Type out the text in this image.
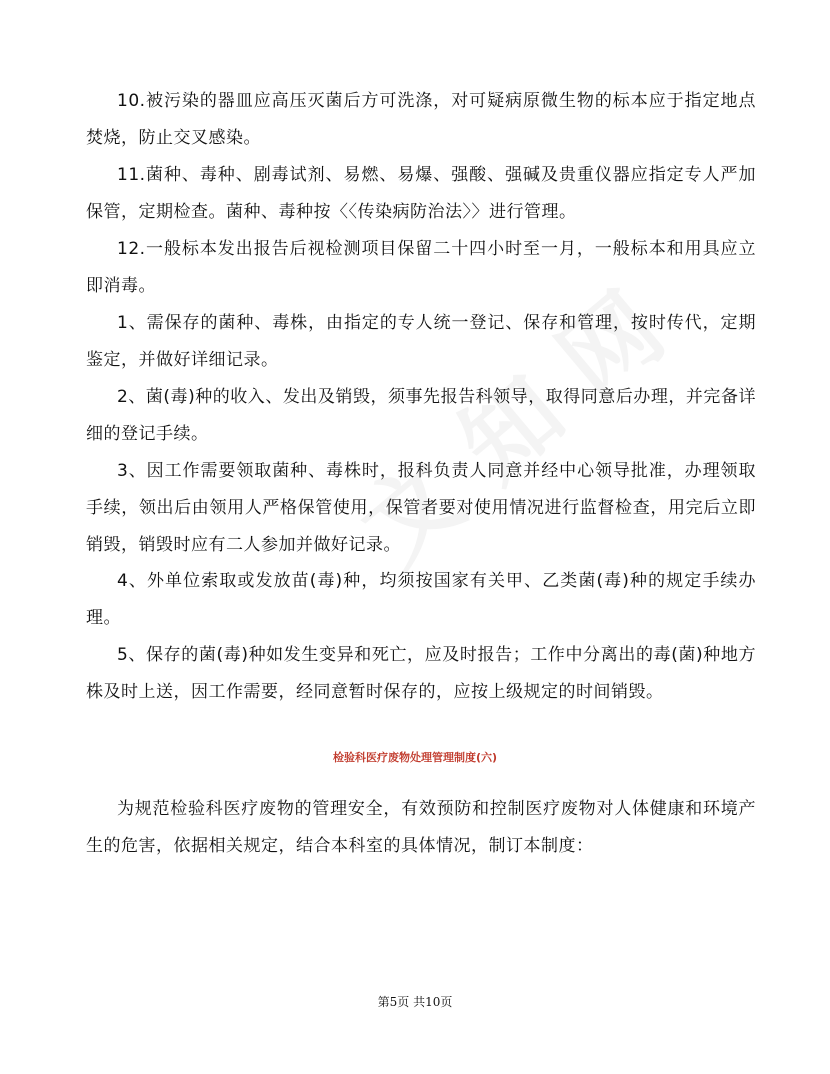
10.被污染的器皿应高压灭菌后方可洗涤，对可疑病原微生物的标本应于指定地点焚烧，防止交叉感染。

11.菌种、毒种、剧毒试剂、易燃、易爆、强酸、强碱及贵重仪器应指定专人严加保管，定期检查。菌种、毒种按〈〈传染病防治法〉〉进行管理。

12.一般标本发出报告后视检测项目保留二十四小时至一月，一般标本和用具应立即消毒。

1、需保存的菌种、毒株，由指定的专人统一登记、保存和管理，按时传代，定期鉴定，并做好详细记录。

2、菌(毒)种的收入、发出及销毁，须事先报告科领导，取得同意后办理，并完备详细的登记手续。

3、因工作需要领取菌种、毒株时，报科负责人同意并经中心领导批准，办理领取手续，领出后由领用人严格保管使用，保管者要对使用情况进行监督检查，用完后立即销毁，销毁时应有二人参加并做好记录。

4、外单位索取或发放苗(毒)种，均须按国家有关甲、乙类菌(毒)种的规定手续办理。

5、保存的菌(毒)种如发生变异和死亡，应及时报告；工作中分离出的毒(菌)种地方株及时上送，因工作需要，经同意暂时保存的，应按上级规定的时间销毁。

检验科医疗废物处理管理制度(六)

为规范检验科医疗废物的管理安全，有效预防和控制医疗废物对人体健康和环境产生的危害，依据相关规定，结合本科室的具体情况，制订本制度：

第5页 共10页
